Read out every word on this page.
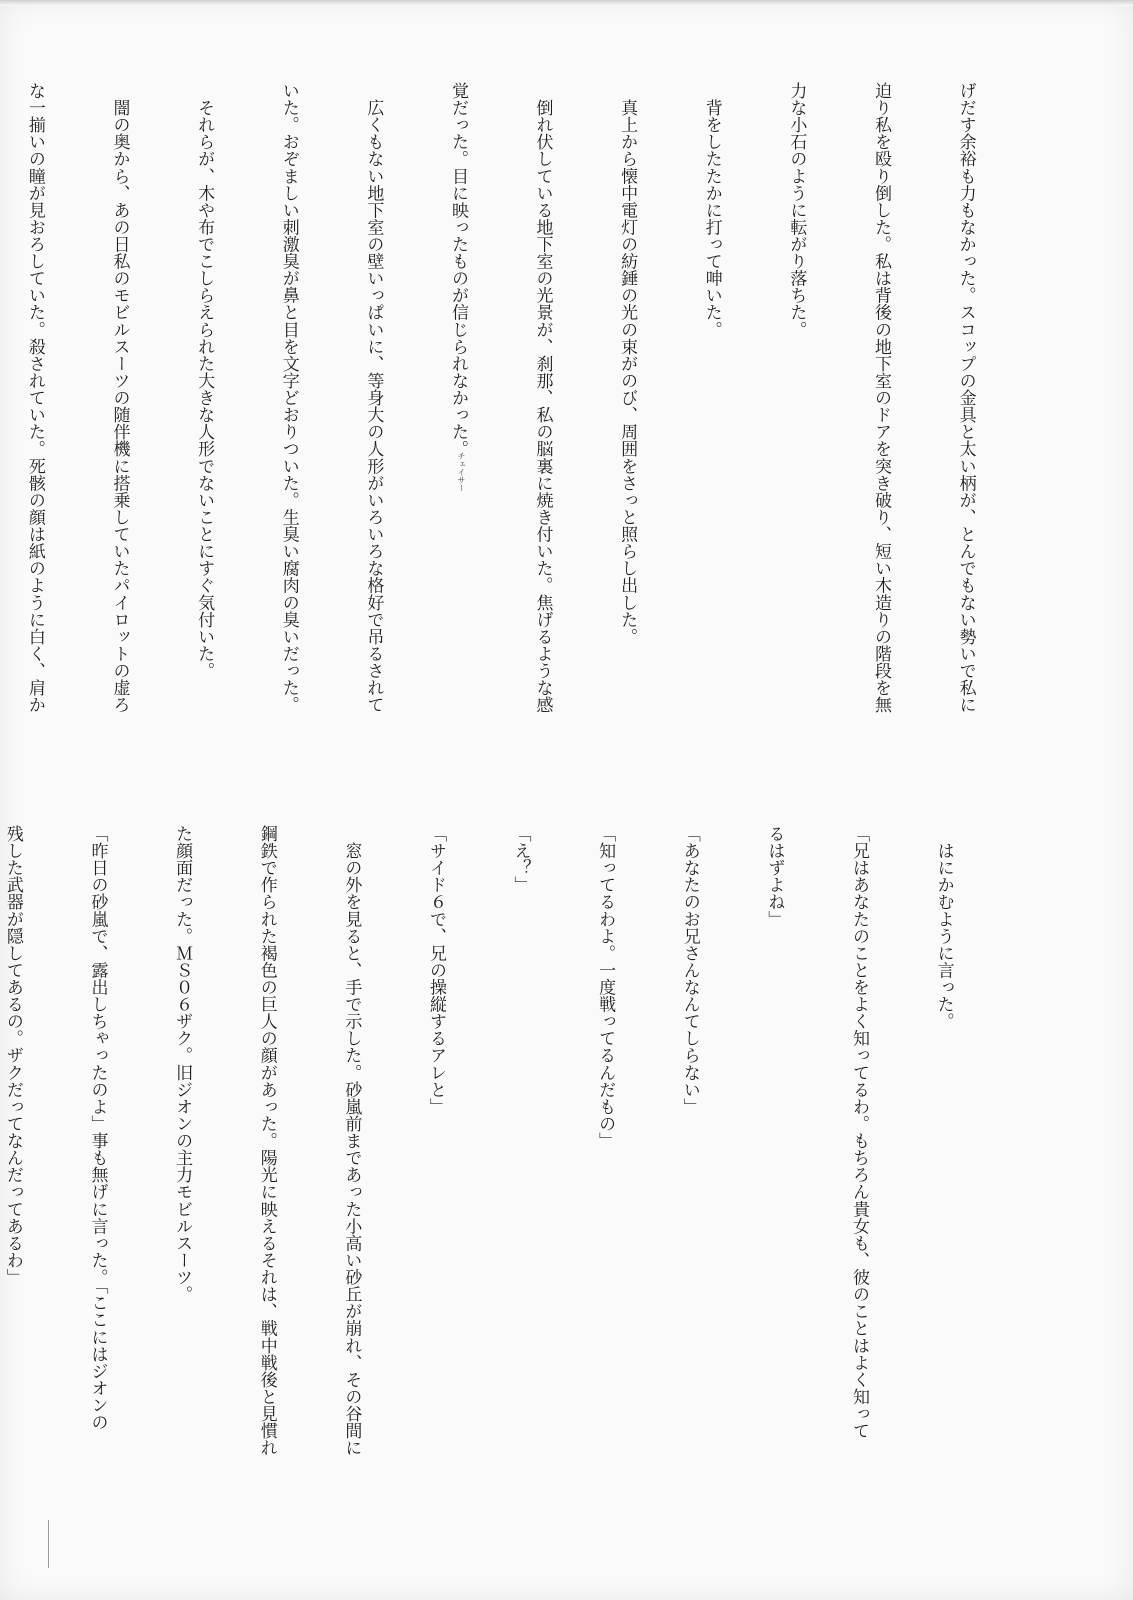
げだす余裕も力もなかった。スコップの金具と太い柄が、とんでもない勢いで私に

迫り私を殴り倒した。私は背後の地下室のドアを突き破り、短い木造りの階段を無

力な小石のように転がり落ちた。

　背をしたたかに打って呻いた。

　真上から懐中電灯の紡錘の光の束がのび、周囲をさっと照らし出した。

　倒れ伏している地下室の光景が、刹那、私の脳裏に焼き付いた。焦げるような感

覚だった。目に映ったものが信じられなかった。

　広くもない地下室の壁いっぱいに、等身大の人形がいろいろな格好で吊るされて

いた。おぞましい刺激臭が鼻と目を文字どおりついた。生臭い腐肉の臭いだった。

　それらが、木や布でこしらえられた大きな人形でないことにすぐ気付いた。

　闇の奥から、あの日私のモビルスーツの随伴機に搭乗していたパイロットの虚ろ

な一揃いの瞳が見おろしていた。殺されていた。死骸の顔は紙のように白く、肩か

	チェイサー

　はにかむように言った。

「兄はあなたのことをよく知ってるわ。もちろん貴女も、彼のことはよく知って

るはずよね」

「あなたのお兄さんなんてしらない」

「知ってるわよ。一度戦ってるんだもの」

「え？」

「サイド６で、兄の操縦するアレと」

　窓の外を見ると、手で示した。砂嵐前まであった小高い砂丘が崩れ、その谷間に

鋼鉄で作られた褐色の巨人の顔があった。陽光に映えるそれは、戦中戦後と見慣れ

た顔面だった。ＭＳ０６ザク。旧ジオンの主力モビルスーツ。

「昨日の砂嵐で、露出しちゃったのよ」事も無げに言った。「ここにはジオンの

残した武器が隠してあるの。ザクだってなんだってあるわ」
